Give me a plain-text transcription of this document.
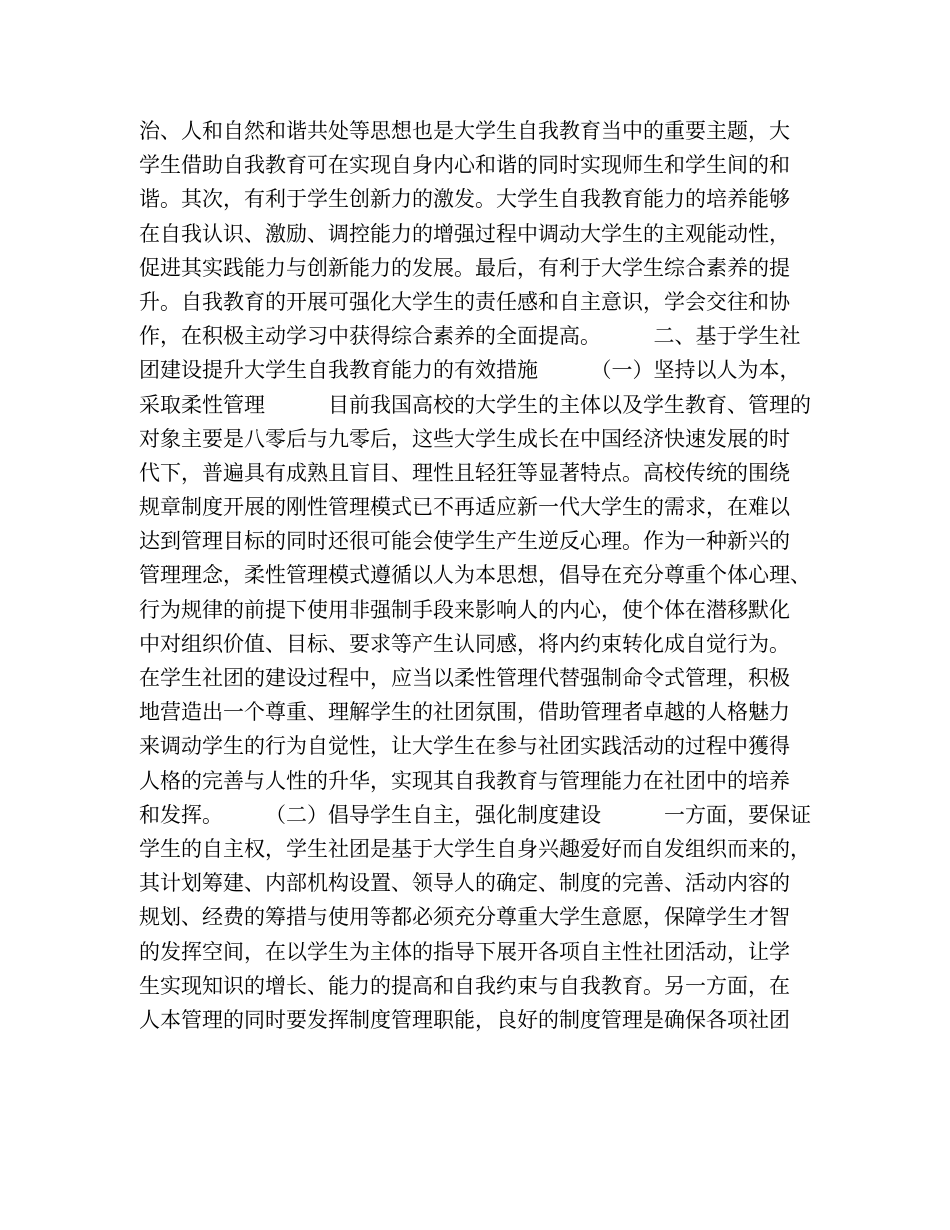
治、人和自然和谐共处等思想也是大学生自我教育当中的重要主题，大
学生借助自我教育可在实现自身内心和谐的同时实现师生和学生间的和
谐。其次，有利于学生创新力的激发。大学生自我教育能力的培养能够
在自我认识、激励、调控能力的增强过程中调动大学生的主观能动性，
促进其实践能力与创新能力的发展。最后，有利于大学生综合素养的提
升。自我教育的开展可强化大学生的责任感和自主意识，学会交往和协
作，在积极主动学习中获得综合素养的全面提高。　　　二、基于学生社
团建设提升大学生自我教育能力的有效措施　　　（一）坚持以人为本，
采取柔性管理　　　目前我国高校的大学生的主体以及学生教育、管理的
对象主要是八零后与九零后，这些大学生成长在中国经济快速发展的时
代下，普遍具有成熟且盲目、理性且轻狂等显著特点。高校传统的围绕
规章制度开展的刚性管理模式已不再适应新一代大学生的需求，在难以
达到管理目标的同时还很可能会使学生产生逆反心理。作为一种新兴的
管理理念，柔性管理模式遵循以人为本思想，倡导在充分尊重个体心理、
行为规律的前提下使用非强制手段来影响人的内心，使个体在潜移默化
中对组织价值、目标、要求等产生认同感，将内约束转化成自觉行为。
在学生社团的建设过程中，应当以柔性管理代替强制命令式管理，积极
地营造出一个尊重、理解学生的社团氛围，借助管理者卓越的人格魅力
来调动学生的行为自觉性，让大学生在参与社团实践活动的过程中獲得
人格的完善与人性的升华，实现其自我教育与管理能力在社团中的培养
和发挥。　　　（二）倡导学生自主，强化制度建设　　　一方面，要保证
学生的自主权，学生社团是基于大学生自身兴趣爱好而自发组织而来的，
其计划筹建、内部机构设置、领导人的确定、制度的完善、活动内容的
规划、经费的筹措与使用等都必须充分尊重大学生意愿，保障学生才智
的发挥空间，在以学生为主体的指导下展开各项自主性社团活动，让学
生实现知识的增长、能力的提高和自我约束与自我教育。另一方面，在
人本管理的同时要发挥制度管理职能，良好的制度管理是确保各项社团
